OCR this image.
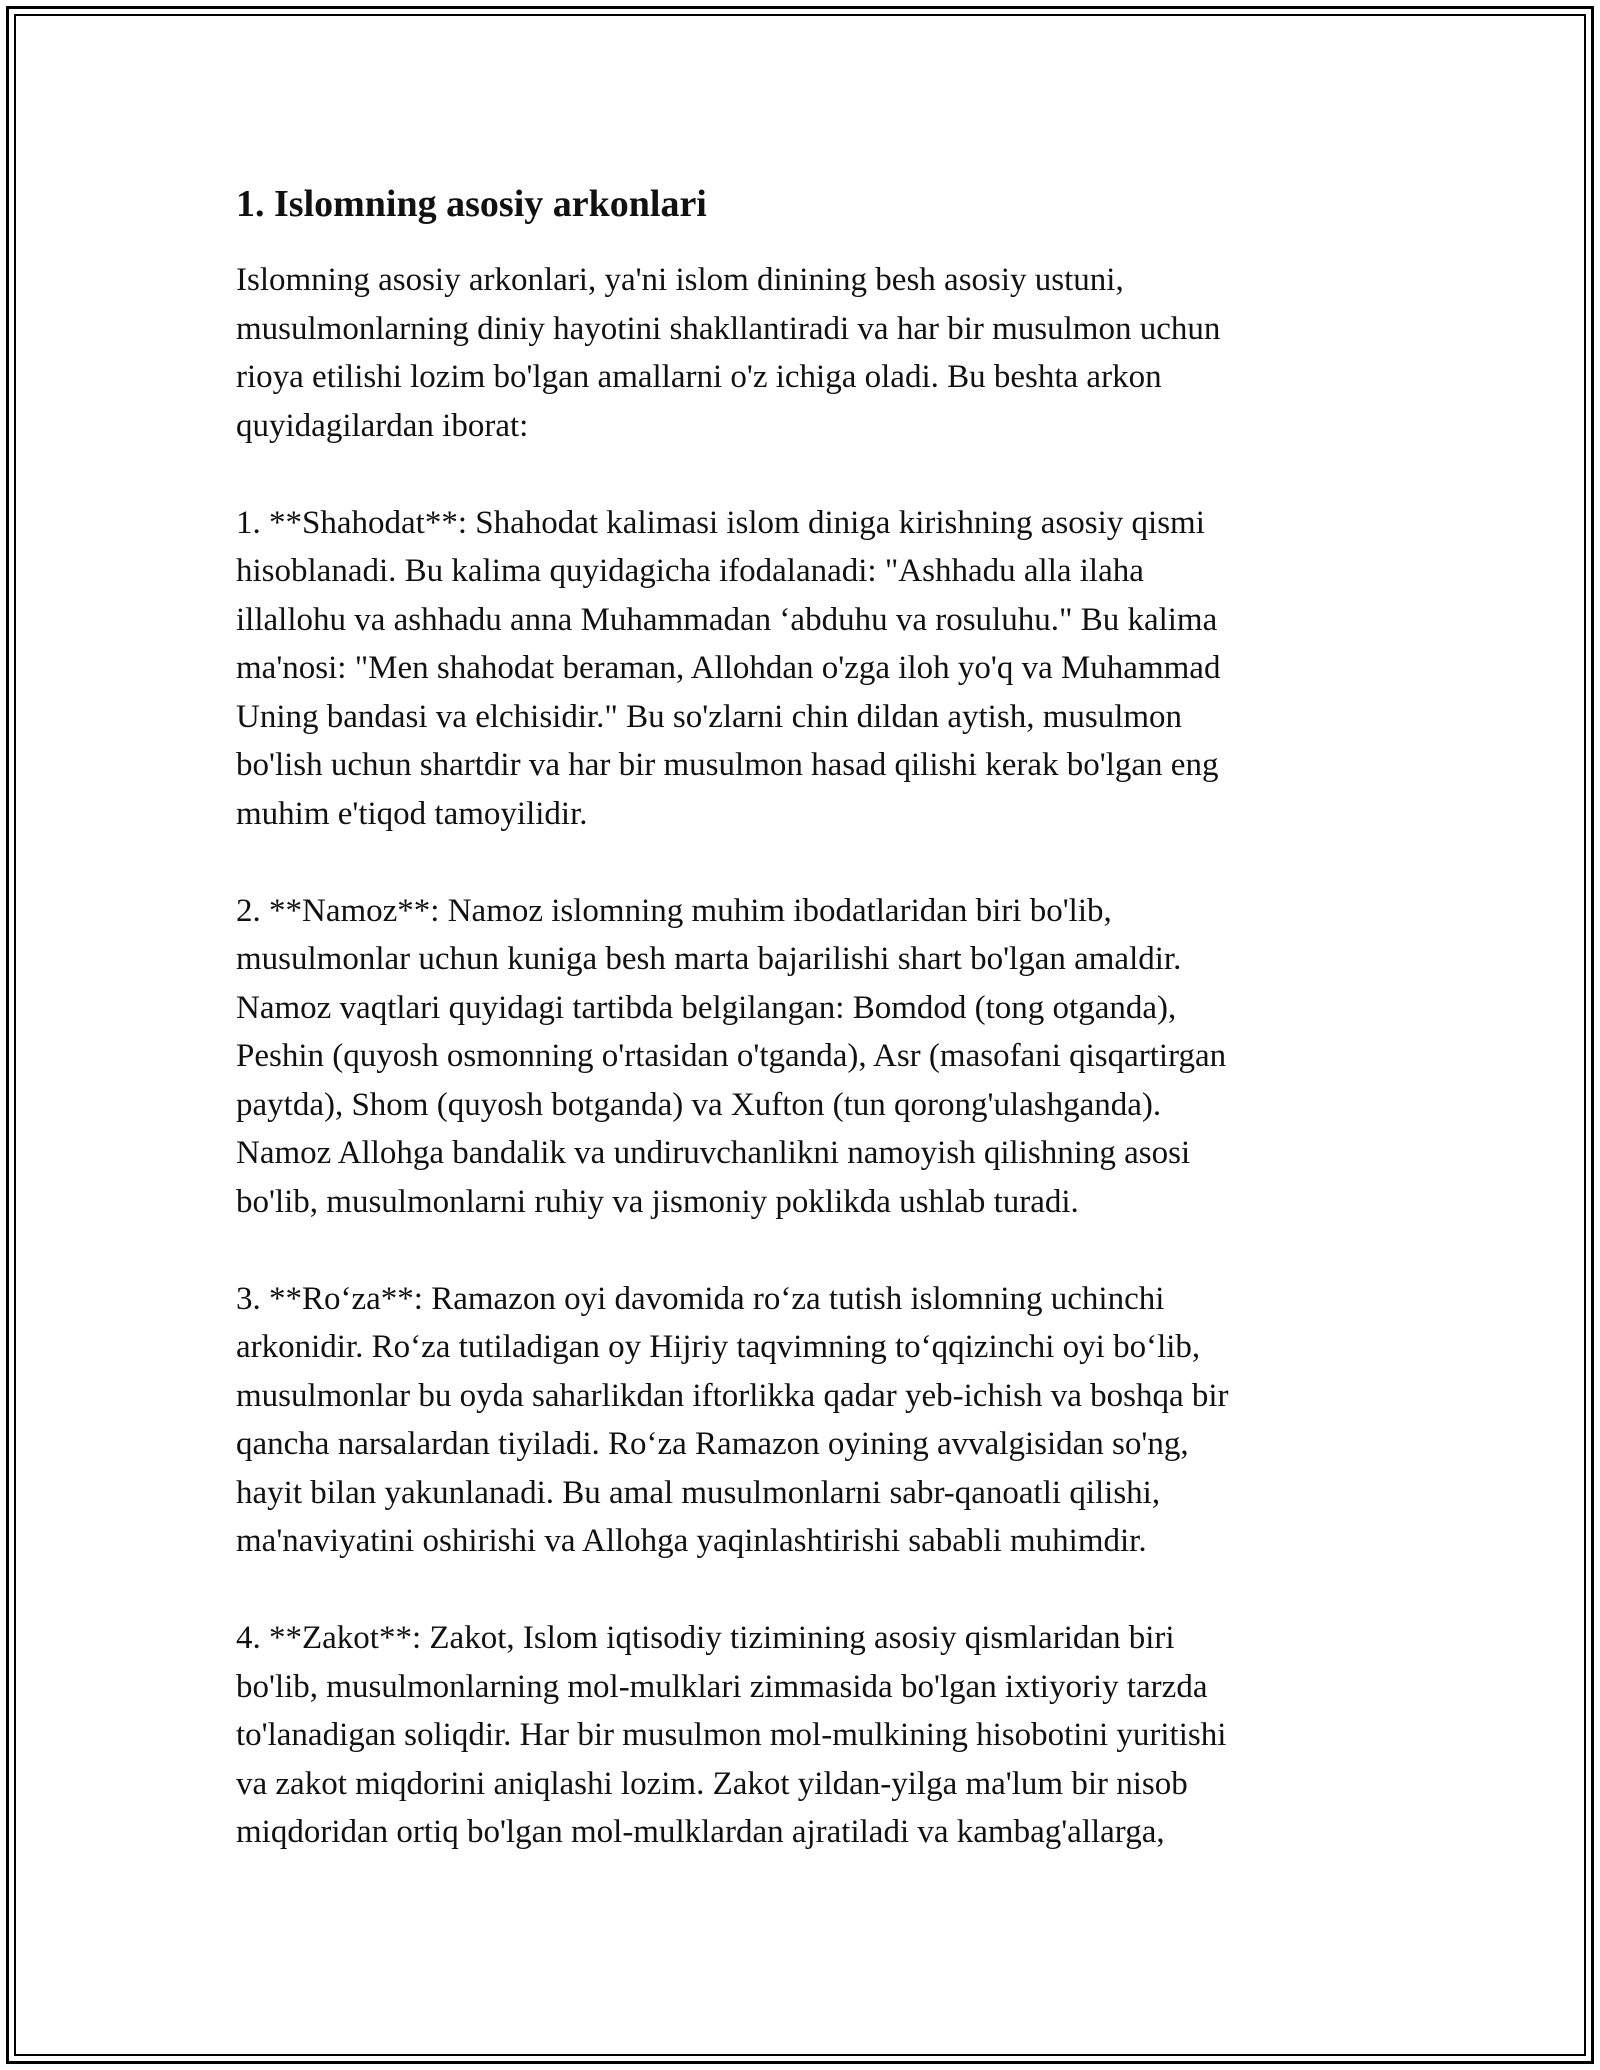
1. Islomning asosiy arkonlari

Islomning asosiy arkonlari, ya'ni islom dinining besh asosiy ustuni,
musulmonlarning diniy hayotini shakllantiradi va har bir musulmon uchun
rioya etilishi lozim bo'lgan amallarni o'z ichiga oladi. Bu beshta arkon
quyidagilardan iborat:

1. **Shahodat**: Shahodat kalimasi islom diniga kirishning asosiy qismi
hisoblanadi. Bu kalima quyidagicha ifodalanadi: "Ashhadu alla ilaha
illallohu va ashhadu anna Muhammadan ‘abduhu va rosuluhu." Bu kalima
ma'nosi: "Men shahodat beraman, Allohdan o'zga iloh yo'q va Muhammad
Uning bandasi va elchisidir." Bu so'zlarni chin dildan aytish, musulmon
bo'lish uchun shartdir va har bir musulmon hasad qilishi kerak bo'lgan eng
muhim e'tiqod tamoyilidir.

2. **Namoz**: Namoz islomning muhim ibodatlaridan biri bo'lib,
musulmonlar uchun kuniga besh marta bajarilishi shart bo'lgan amaldir.
Namoz vaqtlari quyidagi tartibda belgilangan: Bomdod (tong otganda),
Peshin (quyosh osmonning o'rtasidan o'tganda), Asr (masofani qisqartirgan
paytda), Shom (quyosh botganda) va Xufton (tun qorong'ulashganda).
Namoz Allohga bandalik va undiruvchanlikni namoyish qilishning asosi
bo'lib, musulmonlarni ruhiy va jismoniy poklikda ushlab turadi.

3. **Ro‘za**: Ramazon oyi davomida ro‘za tutish islomning uchinchi
arkonidir. Ro‘za tutiladigan oy Hijriy taqvimning to‘qqizinchi oyi bo‘lib,
musulmonlar bu oyda saharlikdan iftorlikka qadar yeb-ichish va boshqa bir
qancha narsalardan tiyiladi. Ro‘za Ramazon oyining avvalgisidan so'ng,
hayit bilan yakunlanadi. Bu amal musulmonlarni sabr-qanoatli qilishi,
ma'naviyatini oshirishi va Allohga yaqinlashtirishi sababli muhimdir.

4. **Zakot**: Zakot, Islom iqtisodiy tizimining asosiy qismlaridan biri
bo'lib, musulmonlarning mol-mulklari zimmasida bo'lgan ixtiyoriy tarzda
to'lanadigan soliqdir. Har bir musulmon mol-mulkining hisobotini yuritishi
va zakot miqdorini aniqlashi lozim. Zakot yildan-yilga ma'lum bir nisob
miqdoridan ortiq bo'lgan mol-mulklardan ajratiladi va kambag'allarga,
